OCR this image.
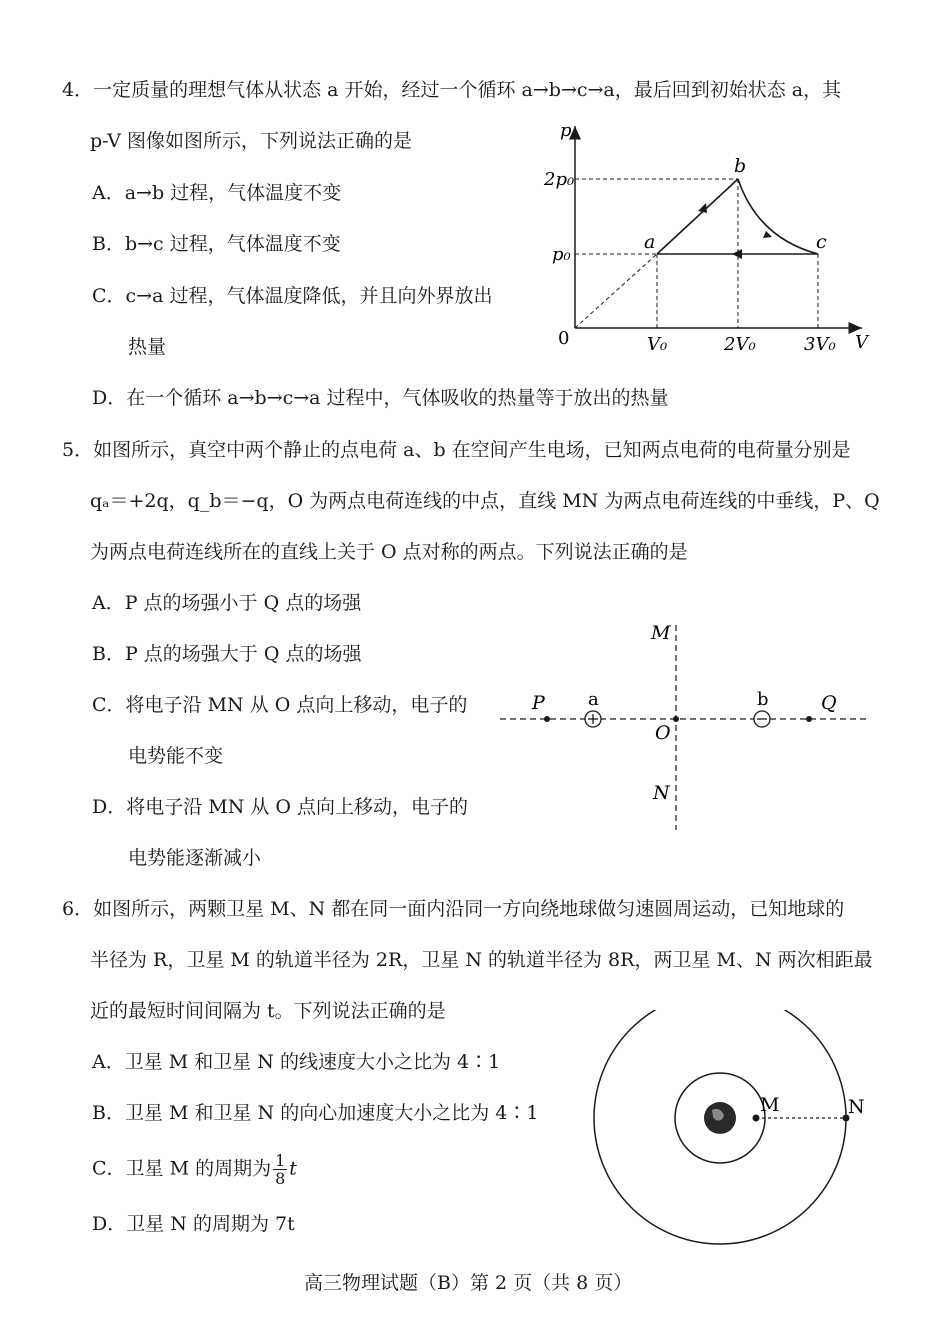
4．一定质量的理想气体从状态 a 开始，经过一个循环 a→b→c→a，最后回到初始状态 a，其
p-V 图像如图所示，下列说法正确的是
A．a→b 过程，气体温度不变
B．b→c 过程，气体温度不变
C．c→a 过程，气体温度降低，并且向外界放出
热量
D．在一个循环 a→b→c→a 过程中，气体吸收的热量等于放出的热量
p
V
0
2p₀
p₀
V₀	2V₀	3V₀
a
b
c
5．如图所示，真空中两个静止的点电荷 a、b 在空间产生电场，已知两点电荷的电荷量分别是
qₐ＝+2q，q_b＝−q，O 为两点电荷连线的中点，直线 MN 为两点电荷连线的中垂线，P、Q
为两点电荷连线所在的直线上关于 O 点对称的两点。下列说法正确的是
A．P 点的场强小于 Q 点的场强
B．P 点的场强大于 Q 点的场强
C．将电子沿 MN 从 O 点向上移动，电子的
电势能不变
D．将电子沿 MN 从 O 点向上移动，电子的
电势能逐渐减小
M
N
O
P	Q
a	b
6．如图所示，两颗卫星 M、N 都在同一面内沿同一方向绕地球做匀速圆周运动，已知地球的
半径为 R，卫星 M 的轨道半径为 2R，卫星 N 的轨道半径为 8R，两卫星 M、N 两次相距最
近的最短时间间隔为 t。下列说法正确的是
A．卫星 M 和卫星 N 的线速度大小之比为 4∶1
B．卫星 M 和卫星 N 的向心加速度大小之比为 4∶1
C．卫星 M 的周期为 $\frac{1}{8}$ t
D．卫星 N 的周期为 7t
M	N
高三物理试题（B）第 2 页（共 8 页）
